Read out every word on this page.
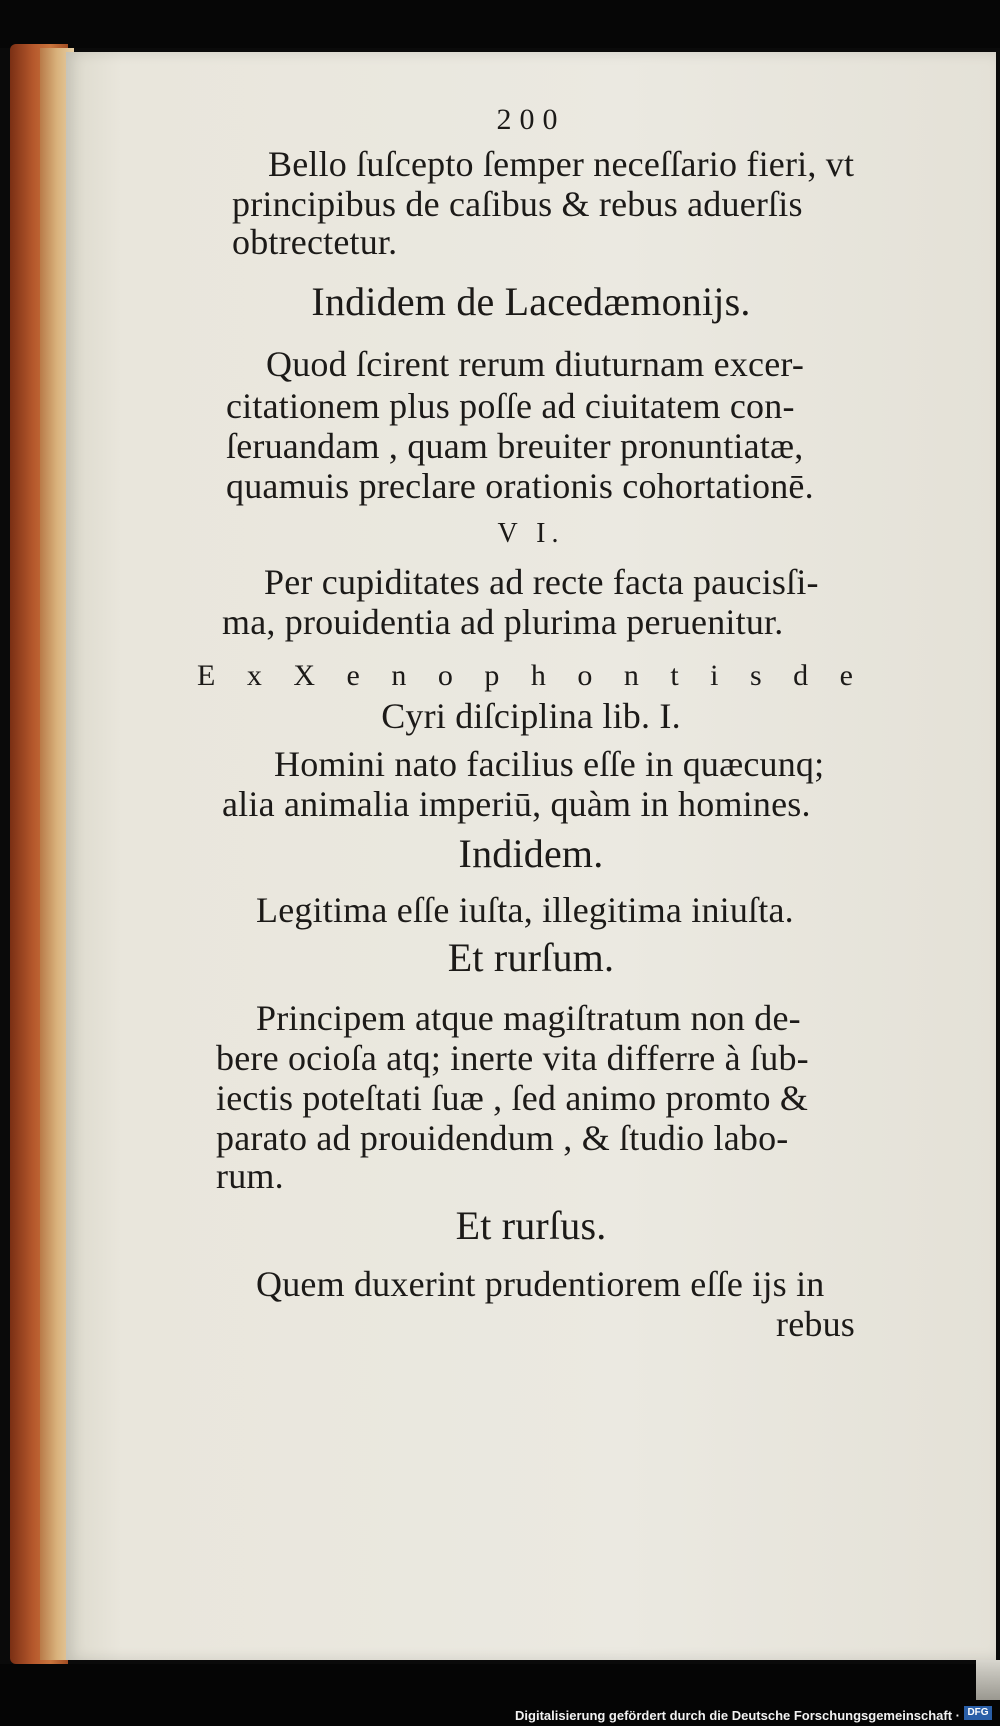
200
Bello ſuſcepto ſemper neceſſario fieri, vt
principibus de caſibus & rebus aduerſis
obtrectetur.
Indidem de Lacedæmonijs.
Quod ſcirent rerum diuturnam excer-
citationem plus poſſe ad ciuitatem con-
ſeruandam , quam breuiter pronuntiatæ,
quamuis preclare orationis cohortationē.
V I.
Per cupiditates ad recte facta paucisſi-
ma, prouidentia ad plurima peruenitur.
E x X e n o p h o n t i s d e
Cyri diſciplina lib. I.
Homini nato facilius eſſe in quæcunq;
alia animalia imperiū, quàm in homines.
Indidem.
Legitima eſſe iuſta, illegitima iniuſta.
Et rurſum.
Principem atque magiſtratum non de-
bere ocioſa atq; inerte vita differre à ſub-
iectis poteſtati ſuæ , ſed animo promto &
parato ad prouidendum , & ſtudio labo-
rum.
Et rurſus.
Quem duxerint prudentiorem eſſe ijs in
rebus
Digitalisierung gefördert durch die Deutsche Forschungsgemeinschaft · DFG
